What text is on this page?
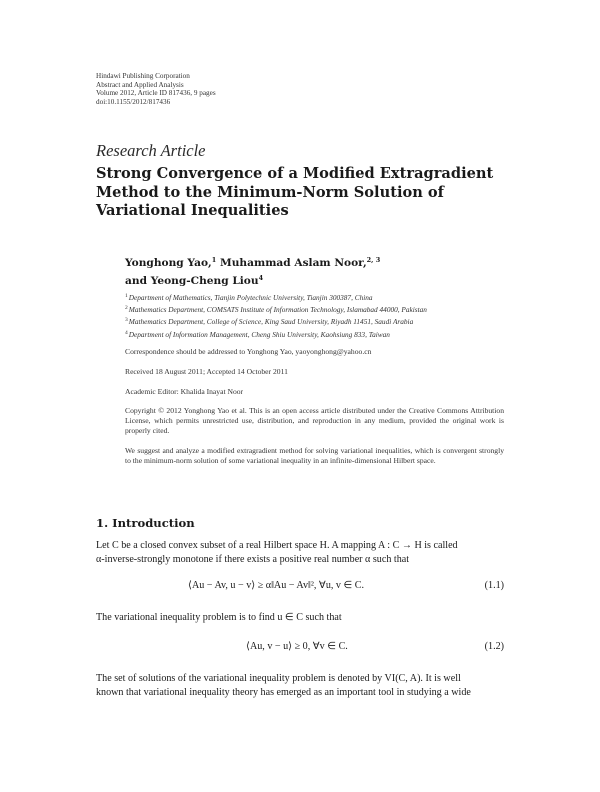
Hindawi Publishing Corporation
Abstract and Applied Analysis
Volume 2012, Article ID 817436, 9 pages
doi:10.1155/2012/817436
Research Article
Strong Convergence of a Modified Extragradient
Method to the Minimum-Norm Solution of
Variational Inequalities
Yonghong Yao,$^1$ Muhammad Aslam Noor,$^{2, 3}$
and Yeong-Cheng Liou$^4$
$^1$Department of Mathematics, Tianjin Polytechnic University, Tianjin 300387, China
$^2$Mathematics Department, COMSATS Institute of Information Technology, Islamabad 44000, Pakistan
$^3$Mathematics Department, College of Science, King Saud University, Riyadh 11451, Saudi Arabia
$^4$Department of Information Management, Cheng Shiu University, Kaohsiung 833, Taiwan
Correspondence should be addressed to Yonghong Yao, yaoyonghong@yahoo.cn
Received 18 August 2011; Accepted 14 October 2011
Academic Editor: Khalida Inayat Noor
Copyright © 2012 Yonghong Yao et al. This is an open access article distributed under the Creative Commons Attribution License, which permits unrestricted use, distribution, and reproduction in any medium, provided the original work is properly cited.
We suggest and analyze a modified extragradient method for solving variational inequalities, which is convergent strongly to the minimum-norm solution of some variational inequality in an infinite-dimensional Hilbert space.
1. Introduction
Let C be a closed convex subset of a real Hilbert space H. A mapping A : C → H is called
α-inverse-strongly monotone if there exists a positive real number α such that
⟨Au − Av, u − v⟩ ≥ α‖Au − Av‖², ∀u, v ∈ C.	(1.1)
The variational inequality problem is to find u ∈ C such that
⟨Au, v − u⟩ ≥ 0, ∀v ∈ C.	(1.2)
The set of solutions of the variational inequality problem is denoted by VI(C, A). It is well
known that variational inequality theory has emerged as an important tool in studying a wide
